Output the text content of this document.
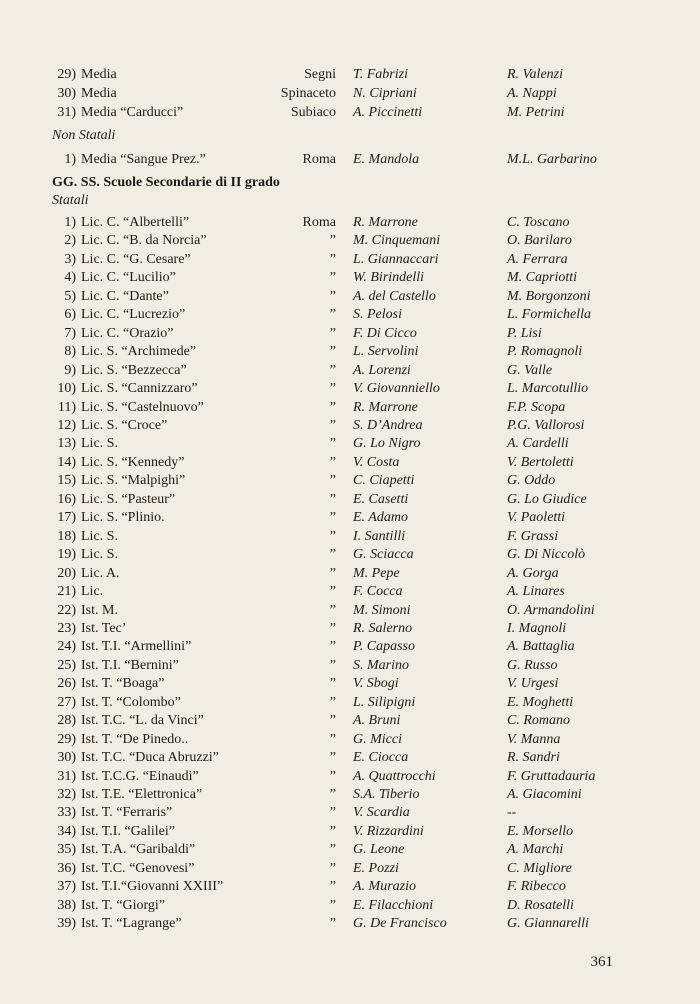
29) Media	Segni T. Fabrizi	R. Valenzi
30) Media	Spinaceto N. Cipriani	A. Nappi
31) Media “Carducci”	Subiaco A. Piccinetti	M. Petrini
Non Statali
1) Media “Sangue Prez.”	Roma E. Mandola	M.L. Garbarino
GG. SS. Scuole Secondarie di II grado
Statali
1) Lic. C. “Albertelli”	Roma R. Marrone	C. Toscano
2) Lic. C. “B. da Norcia”	” M. Cinquemani	O. Barilaro
3) Lic. C. “G. Cesare”	” L. Giannaccari	A. Ferrara
4) Lic. C. “Lucilio”	” W. Birindelli	M. Capriotti
5) Lic. C. “Dante”	” A. del Castello	M. Borgonzoni
6) Lic. C. “Lucrezio”	” S. Pelosi	L. Formichella
7) Lic. C. “Orazio”	” F. Di Cicco	P. Lisi
8) Lic. S. “Archimede”	” L. Servolini	P. Romagnoli
9) Lic. S. “Bezzecca”	” A. Lorenzi	G. Valle
10) Lic. S. “Cannizzaro”	” V. Giovanniello	L. Marcotullio
11) Lic. S. “Castelnuovo”	” R. Marrone	F.P. Scopa
12) Lic. S. “Croce”	” S. D’Andrea	P.G. Vallorosi
13) Lic. S.	” G. Lo Nigro	A. Cardelli
14) Lic. S. “Kennedy”	” V. Costa	V. Bertoletti
15) Lic. S. “Malpighi”	” C. Ciapetti	G. Oddo
16) Lic. S. “Pasteur”	” E. Casetti	G. Lo Giudice
17) Lic. S. “Plinio.	” E. Adamo	V. Paoletti
18) Lic. S.	” I. Santilli	F. Grassi
19) Lic. S.	” G. Sciacca	G. Di Niccolò
20) Lic. A.	” M. Pepe	A. Gorga
21) Lic.	” F. Cocca	A. Linares
22) Ist. M.	” M. Simoni	O. Armandolini
23) Ist. Tec’	” R. Salerno	I. Magnoli
24) Ist. T.I. “Armellini”	” P. Capasso	A. Battaglia
25) Ist. T.I. “Bernini”	” S. Marino	G. Russo
26) Ist. T. “Boaga”	” V. Sbogi	V. Urgesi
27) Ist. T. “Colombo”	” L. Silipigni	E. Moghetti
28) Ist. T.C. “L. da Vinci”	” A. Bruni	C. Romano
29) Ist. T. “De Pinedo..	” G. Micci	V. Manna
30) Ist. T.C. “Duca Abruzzi”	” E. Ciocca	R. Sandri
31) Ist. T.C.G. “Einaudi”	” A. Quattrocchi	F. Gruttadauria
32) Ist. T.E. “Elettronica”	” S.A. Tiberio	A. Giacomini
33) Ist. T. “Ferraris”	” V. Scardia	--
34) Ist. T.I. “Galilei”	” V. Rizzardini	E. Morsello
35) Ist. T.A. “Garibaldi”	” G. Leone	A. Marchi
36) Ist. T.C. “Genovesi”	” E. Pozzi	C. Migliore
37) Ist. T.I.“Giovanni XXIII”	” A. Murazio	F. Ribecco
38) Ist. T. “Giorgi”	” E. Filacchioni	D. Rosatelli
39) Ist. T. “Lagrange”	” G. De Francisco	G. Giannarelli
361
